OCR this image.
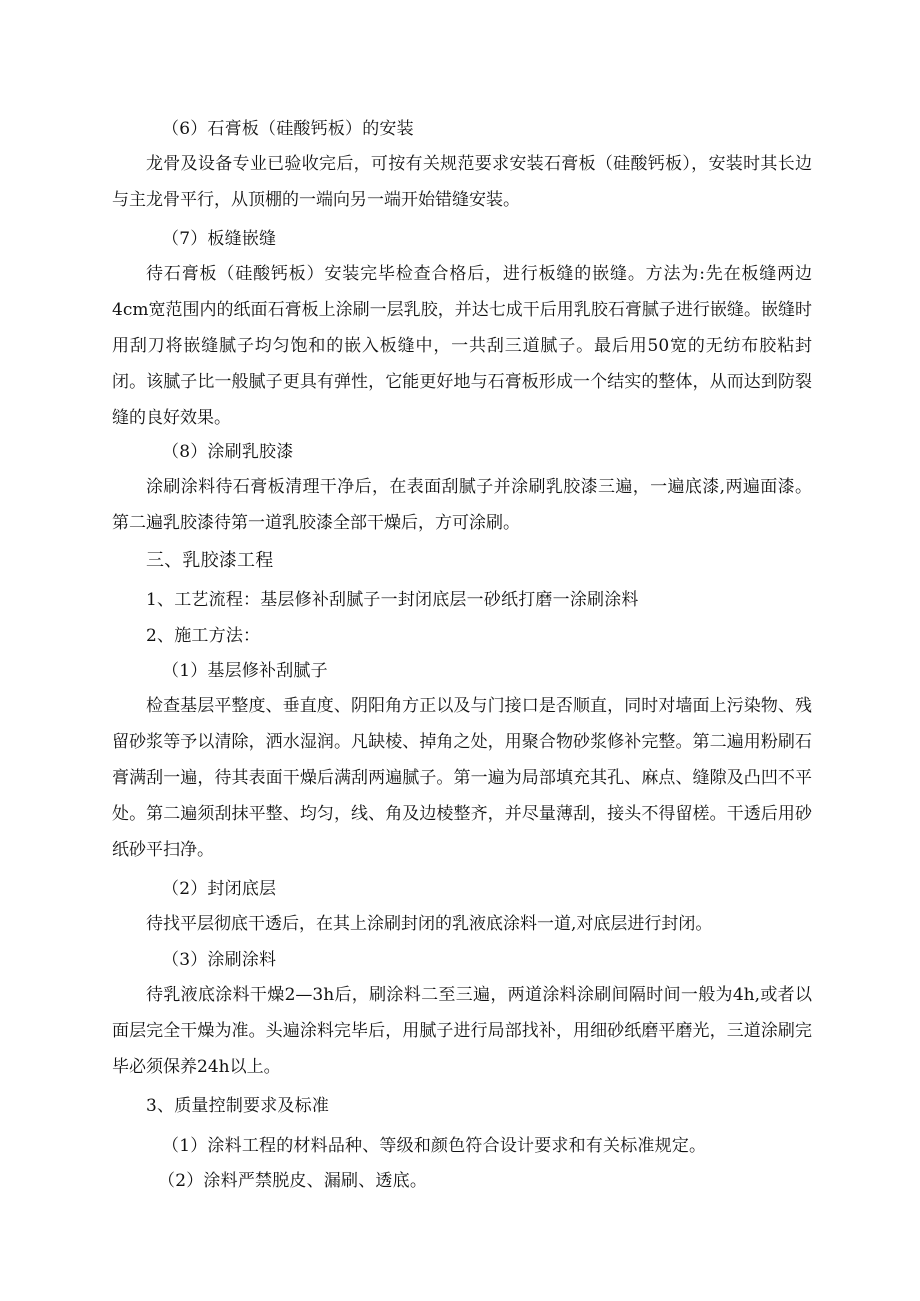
（6）石膏板（硅酸钙板）的安装
龙骨及设备专业已验收完后，可按有关规范要求安装石膏板（硅酸钙板），安装时其长边与主龙骨平行，从顶棚的一端向另一端开始错缝安装。
（7）板缝嵌缝
待石膏板（硅酸钙板）安装完毕检查合格后，进行板缝的嵌缝。方法为:先在板缝两边4cm宽范围内的纸面石膏板上涂刷一层乳胶，并达七成干后用乳胶石膏腻子进行嵌缝。嵌缝时用刮刀将嵌缝腻子均匀饱和的嵌入板缝中，一共刮三道腻子。最后用50宽的无纺布胶粘封闭。该腻子比一般腻子更具有弹性，它能更好地与石膏板形成一个结实的整体，从而达到防裂缝的良好效果。
（8）涂刷乳胶漆
涂刷涂料待石膏板清理干净后，在表面刮腻子并涂刷乳胶漆三遍，一遍底漆,两遍面漆。第二遍乳胶漆待第一道乳胶漆全部干燥后，方可涂刷。
三、乳胶漆工程
1、工艺流程：基层修补刮腻子一封闭底层一砂纸打磨一涂刷涂料
2、施工方法：
（1）基层修补刮腻子
检查基层平整度、垂直度、阴阳角方正以及与门接口是否顺直，同时对墙面上污染物、残留砂浆等予以清除，洒水湿润。凡缺棱、掉角之处，用聚合物砂浆修补完整。第二遍用粉刷石膏满刮一遍，待其表面干燥后满刮两遍腻子。第一遍为局部填充其孔、麻点、缝隙及凸凹不平处。第二遍须刮抹平整、均匀，线、角及边棱整齐，并尽量薄刮，接头不得留槎。干透后用砂纸砂平扫净。
（2）封闭底层
待找平层彻底干透后，在其上涂刷封闭的乳液底涂料一道,对底层进行封闭。
（3）涂刷涂料
待乳液底涂料干燥2—3h后，刷涂料二至三遍，两道涂料涂刷间隔时间一般为4h,或者以面层完全干燥为准。头遍涂料完毕后，用腻子进行局部找补，用细砂纸磨平磨光，三道涂刷完毕必须保养24h以上。
3、质量控制要求及标准
（1）涂料工程的材料品种、等级和颜色符合设计要求和有关标准规定。
（2）涂料严禁脱皮、漏刷、透底。
